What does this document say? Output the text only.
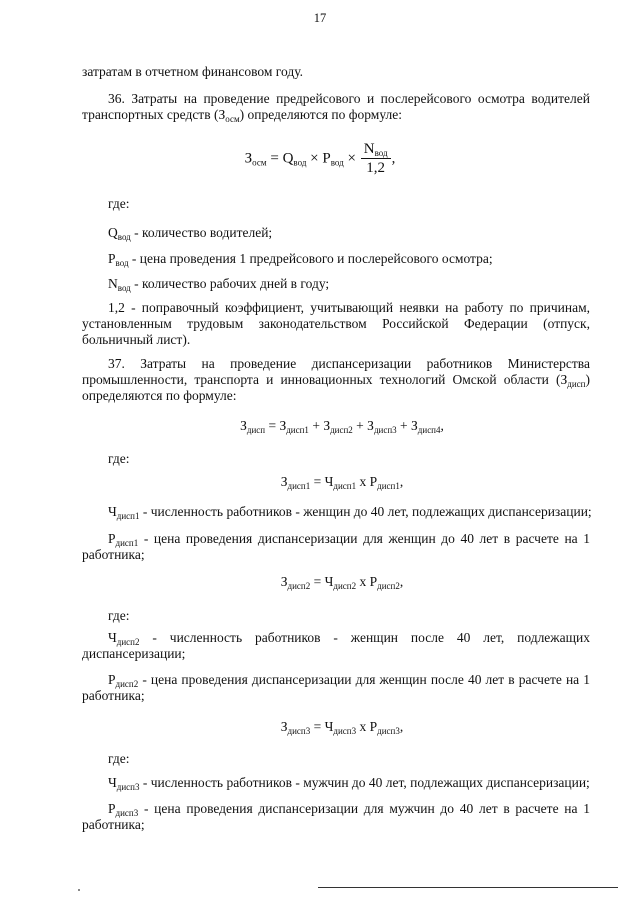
17
затратам в отчетном финансовом году.
36. Затраты на проведение предрейсового и послерейсового осмотра водителей
транспортных средств $(З_{осм})$ определяются по формуле:
$З_{осм} = Q_{вод} \times P_{вод} \times \frac{N_{вод}}{1,2}$ ,
где:
$Q_{вод}$ - количество водителей;
$P_{вод}$ - цена проведения 1 предрейсового и послерейсового осмотра;
$N_{вод}$ - количество рабочих дней в году;
1,2 - поправочный коэффициент, учитывающий неявки на работу по причинам,
установленным трудовым законодательством Российской Федерации (отпуск,
больничный лист).
37. Затраты на проведение диспансеризации работников Министерства
промышленности, транспорта и инновационных технологий Омской области $(З_{дисп})$
определяются по формуле:
$З_{дисп} = З_{дисп1} + З_{дисп2} + З_{дисп3} + З_{дисп4}$,
где:
$З_{дисп1} = Ч_{дисп1}$ x $P_{дисп1}$,
$Ч_{дисп1}$ - численность работников - женщин до 40 лет, подлежащих диспансеризации;
$P_{дисп1}$ - цена проведения диспансеризации для женщин до 40 лет в расчете на 1
работника;
$З_{дисп2} = Ч_{дисп2}$ x $P_{дисп2}$,
где:
$Ч_{дисп2}$ - численность работников - женщин после 40 лет, подлежащих
диспансеризации;
$P_{дисп2}$ - цена проведения диспансеризации для женщин после 40 лет в расчете на 1
работника;
$З_{дисп3} = Ч_{дисп3}$ x $P_{дисп3}$,
где:
$Ч_{дисп3}$ - численность работников - мужчин до 40 лет, подлежащих диспансеризации;
$P_{дисп3}$ - цена проведения диспансеризации для мужчин до 40 лет в расчете на 1
работника;
